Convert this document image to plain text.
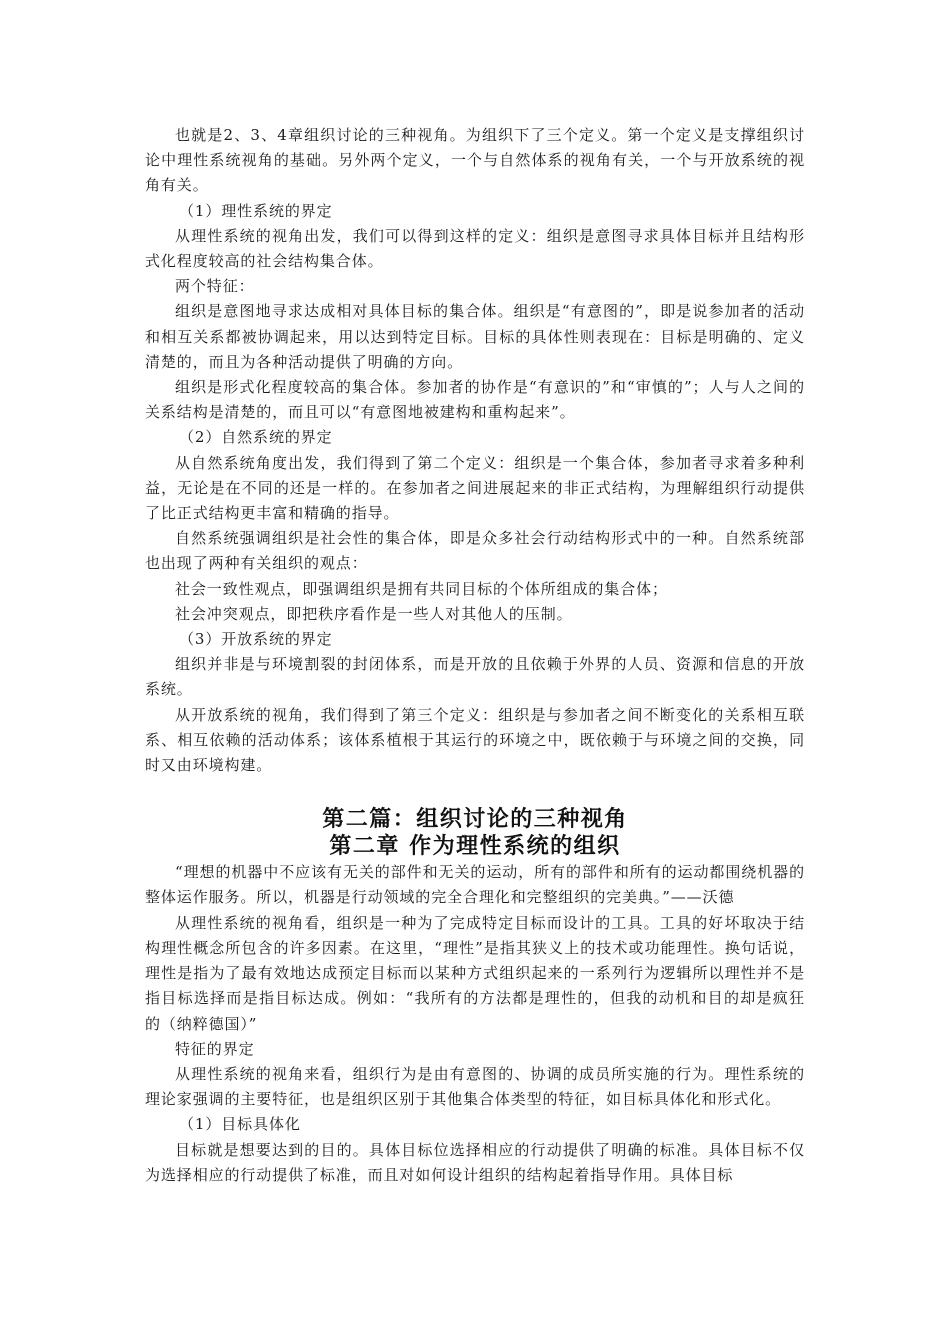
也就是2、3、4章组织讨论的三种视角。为组织下了三个定义。第一个定义是支撑组织讨论中理性系统视角的基础。另外两个定义，一个与自然体系的视角有关，一个与开放系统的视角有关。

（1）理性系统的界定

从理性系统的视角出发，我们可以得到这样的定义：组织是意图寻求具体目标并且结构形式化程度较高的社会结构集合体。

两个特征：

组织是意图地寻求达成相对具体目标的集合体。组织是“有意图的”，即是说参加者的活动和相互关系都被协调起来，用以达到特定目标。目标的具体性则表现在：目标是明确的、定义清楚的，而且为各种活动提供了明确的方向。

组织是形式化程度较高的集合体。参加者的协作是“有意识的”和“审慎的”；人与人之间的关系结构是清楚的，而且可以“有意图地被建构和重构起来”。

（2）自然系统的界定

从自然系统角度出发，我们得到了第二个定义：组织是一个集合体，参加者寻求着多种利益，无论是在不同的还是一样的。在参加者之间进展起来的非正式结构，为理解组织行动提供了比正式结构更丰富和精确的指导。

自然系统强调组织是社会性的集合体，即是众多社会行动结构形式中的一种。自然系统部也出现了两种有关组织的观点：

社会一致性观点，即强调组织是拥有共同目标的个体所组成的集合体；

社会冲突观点，即把秩序看作是一些人对其他人的压制。

（3）开放系统的界定

组织并非是与环境割裂的封闭体系，而是开放的且依赖于外界的人员、资源和信息的开放系统。

从开放系统的视角，我们得到了第三个定义：组织是与参加者之间不断变化的关系相互联系、相互依赖的活动体系；该体系植根于其运行的环境之中，既依赖于与环境之间的交换，同时又由环境构建。

第二篇：组织讨论的三种视角
第二章 作为理性系统的组织

“理想的机器中不应该有无关的部件和无关的运动，所有的部件和所有的运动都围绕机器的整体运作服务。所以，机器是行动领域的完全合理化和完整组织的完美典。”——沃德

从理性系统的视角看，组织是一种为了完成特定目标而设计的工具。工具的好坏取决于结构理性概念所包含的许多因素。在这里，“理性”是指其狭义上的技术或功能理性。换句话说，理性是指为了最有效地达成预定目标而以某种方式组织起来的一系列行为逻辑所以理性并不是指目标选择而是指目标达成。例如：“我所有的方法都是理性的，但我的动机和目的却是疯狂的（纳粹德国）”

特征的界定

从理性系统的视角来看，组织行为是由有意图的、协调的成员所实施的行为。理性系统的理论家强调的主要特征，也是组织区别于其他集合体类型的特征，如目标具体化和形式化。

（1）目标具体化

目标就是想要达到的目的。具体目标位选择相应的行动提供了明确的标准。具体目标不仅为选择相应的行动提供了标准，而且对如何设计组织的结构起着指导作用。具体目标
